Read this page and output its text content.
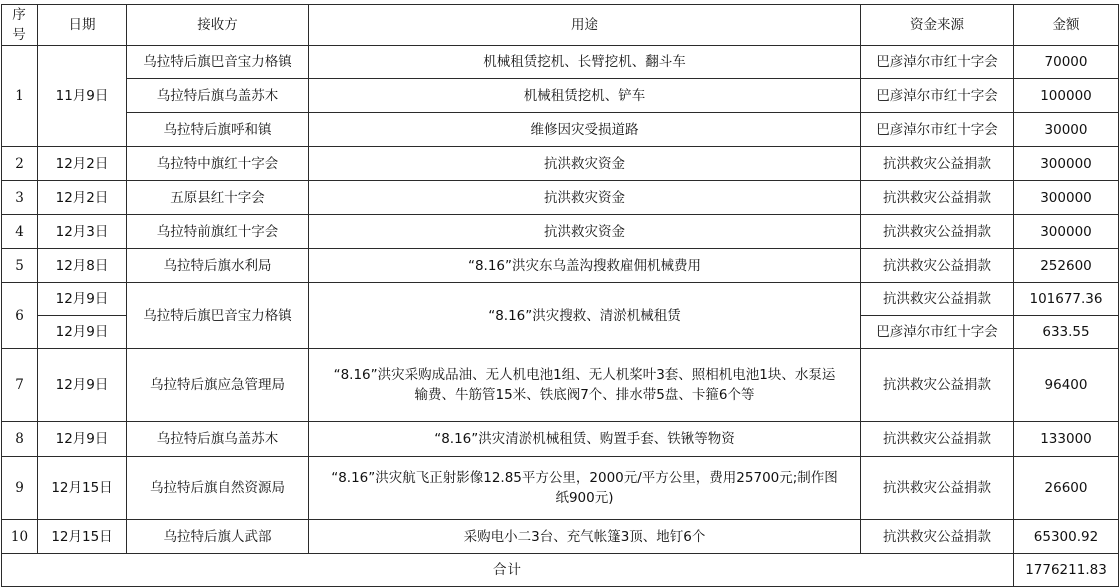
序号	日期	接收方	用途	资金来源	金额
1	11月9日	乌拉特后旗巴音宝力格镇	机械租赁挖机、长臂挖机、翻斗车	巴彦淖尔市红十字会	70000
		乌拉特后旗乌盖苏木	机械租赁挖机、铲车	巴彦淖尔市红十字会	100000
		乌拉特后旗呼和镇	维修因灾受损道路	巴彦淖尔市红十字会	30000
2	12月2日	乌拉特中旗红十字会	抗洪救灾资金	抗洪救灾公益捐款	300000
3	12月2日	五原县红十字会	抗洪救灾资金	抗洪救灾公益捐款	300000
4	12月3日	乌拉特前旗红十字会	抗洪救灾资金	抗洪救灾公益捐款	300000
5	12月8日	乌拉特后旗水利局	“8.16”洪灾东乌盖沟搜救雇佣机械费用	抗洪救灾公益捐款	252600
6	12月9日	乌拉特后旗巴音宝力格镇	“8.16”洪灾搜救、清淤机械租赁	抗洪救灾公益捐款	101677.36
	12月9日			巴彦淖尔市红十字会	633.55
7	12月9日	乌拉特后旗应急管理局	“8.16”洪灾采购成品油、无人机电池1组、无人机桨叶3套、照相机电池1块、水泵运输费、牛筋管15米、铁底阀7个、排水带5盘、卡箍6个等	抗洪救灾公益捐款	96400
8	12月9日	乌拉特后旗乌盖苏木	“8.16”洪灾清淤机械租赁、购置手套、铁锹等物资	抗洪救灾公益捐款	133000
9	12月15日	乌拉特后旗自然资源局	“8.16”洪灾航飞正射影像12.85平方公里，2000元/平方公里，费用25700元;制作图纸900元)	抗洪救灾公益捐款	26600
10	12月15日	乌拉特后旗人武部	采购电小二3台、充气帐篷3顶、地钉6个	抗洪救灾公益捐款	65300.92
合计					1776211.83
